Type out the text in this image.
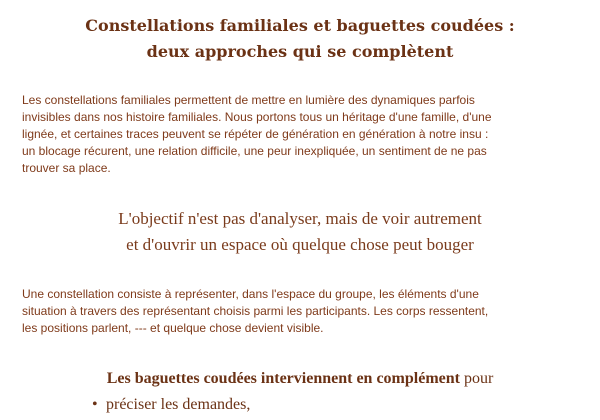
Constellations familiales et baguettes coudées :
deux approches qui se complètent
Les constellations familiales permettent de mettre en lumière des dynamiques parfois
invisibles dans nos histoire familiales. Nous portons tous un héritage d'une famille, d'une
lignée, et certaines traces peuvent se répéter de génération en génération à notre insu :
un blocage récurent, une relation difficile, une peur inexpliquée, un sentiment de ne pas
trouver sa place.
L'objectif n'est pas d'analyser, mais de voir autrement
et d'ouvrir un espace où quelque chose peut bouger
Une constellation consiste à représenter, dans l'espace du groupe, les éléments d'une
situation à travers des représentant choisis parmi les participants. Les corps ressentent,
les positions parlent, --- et quelque chose devient visible.
Les baguettes coudées interviennent en complément pour
• préciser les demandes,
